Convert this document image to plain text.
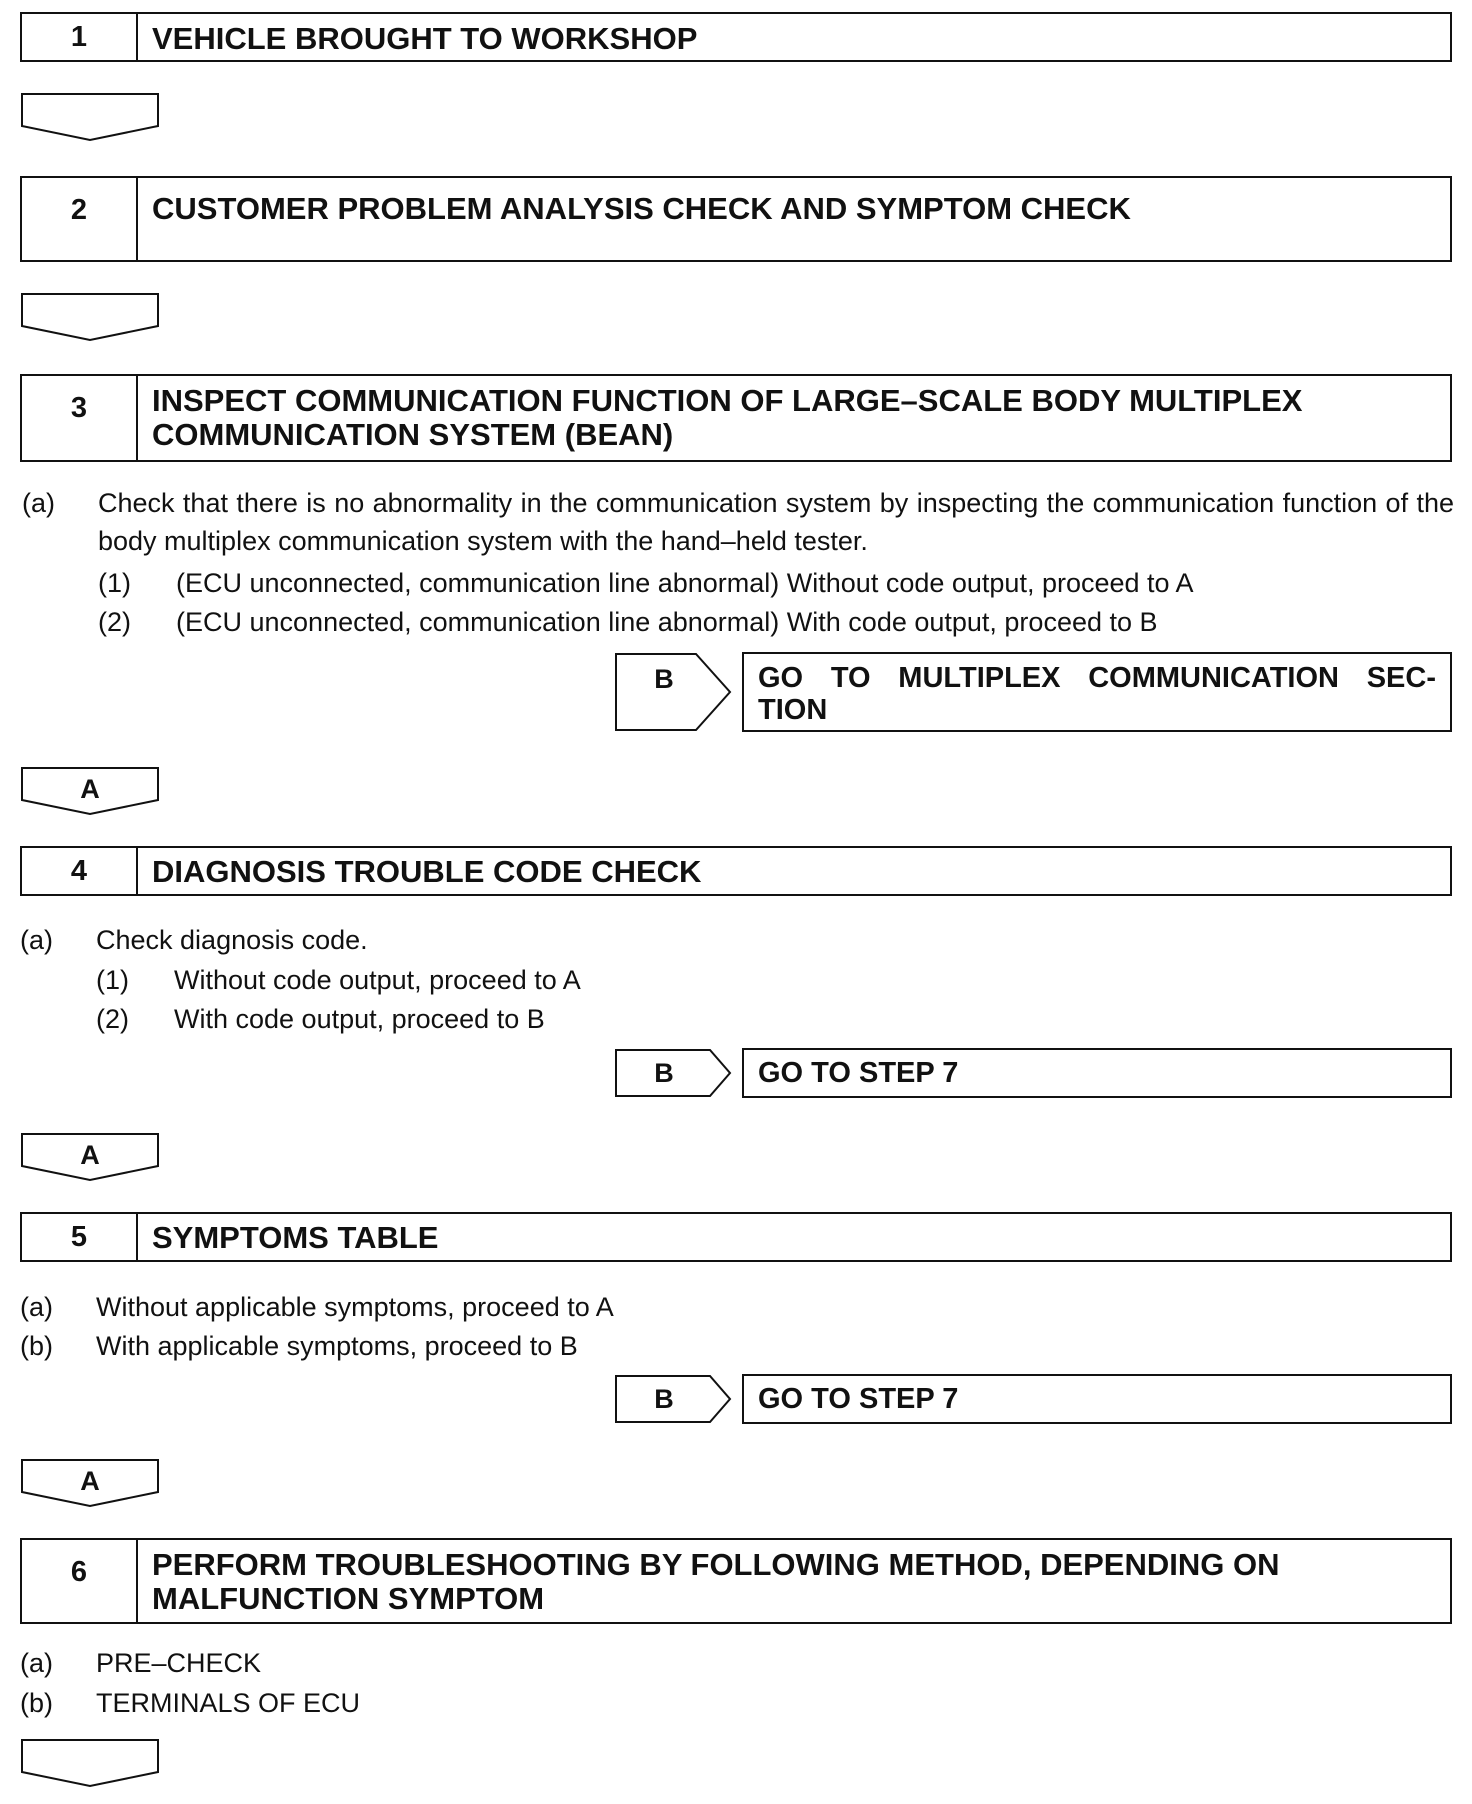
1	VEHICLE BROUGHT TO WORKSHOP
2	CUSTOMER PROBLEM ANALYSIS CHECK AND SYMPTOM CHECK
3	INSPECT COMMUNICATION FUNCTION OF LARGE–SCALE BODY MULTIPLEX COMMUNICATION SYSTEM (BEAN)
(a) Check that there is no abnormality in the communication system by inspecting the communication function of the body multiplex communication system with the hand–held tester.
(1) (ECU unconnected, communication line abnormal) Without code output, proceed to A
(2) (ECU unconnected, communication line abnormal) With code output, proceed to B
B	GO TO MULTIPLEX COMMUNICATION SEC- TION
A
4	DIAGNOSIS TROUBLE CODE CHECK
(a) Check diagnosis code.
(1) Without code output, proceed to A
(2) With code output, proceed to B
B	GO TO STEP 7
A
5	SYMPTOMS TABLE
(a) Without applicable symptoms, proceed to A
(b) With applicable symptoms, proceed to B
B	GO TO STEP 7
A
6	PERFORM TROUBLESHOOTING BY FOLLOWING METHOD, DEPENDING ON MALFUNCTION SYMPTOM
(a) PRE–CHECK
(b) TERMINALS OF ECU
